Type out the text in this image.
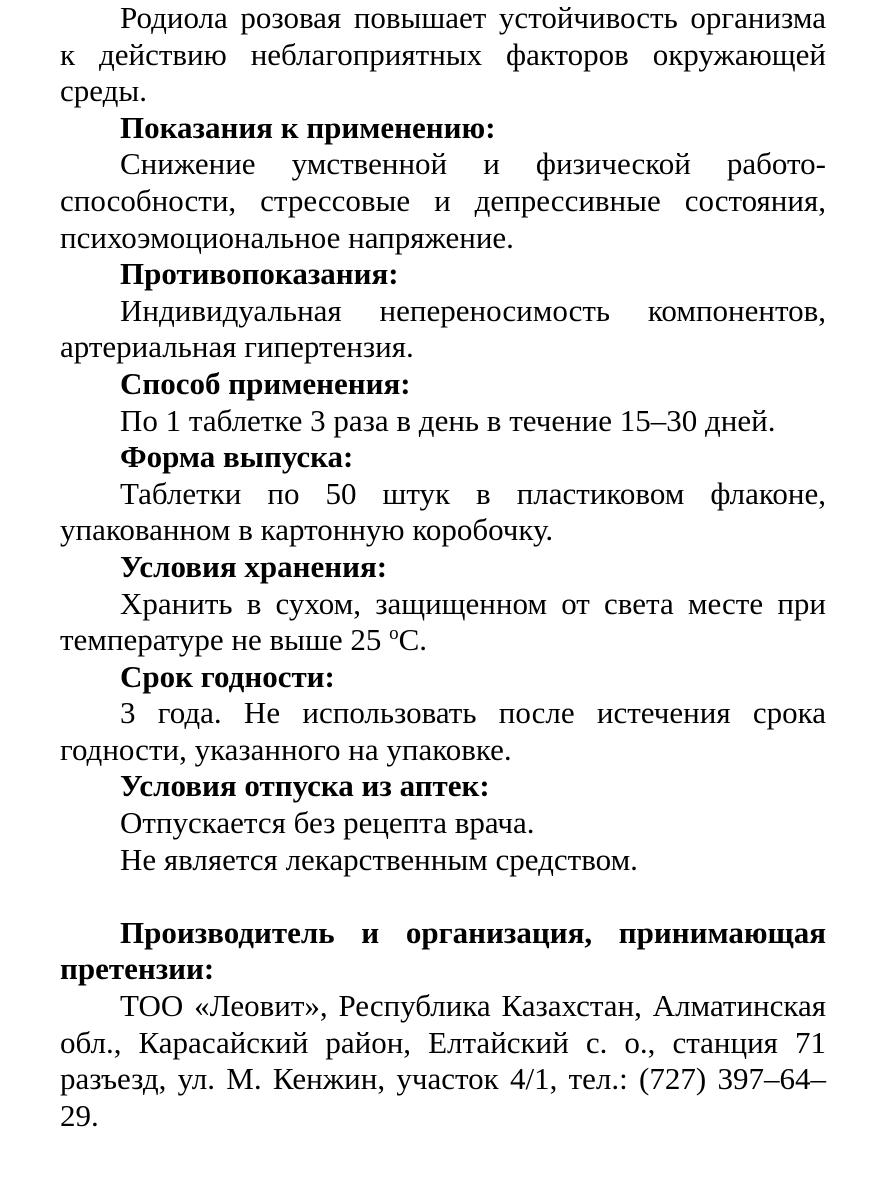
Родиола розовая повышает устойчивость организма к действию неблагоприятных факторов окружающей среды.

Показания к применению:

Снижение умственной и физической работоспособности, стрессовые и депрессивные состояния, психоэмоциональное напряжение.

Противопоказания:

Индивидуальная непереносимость компонентов, артериальная гипертензия.

Способ применения:

По 1 таблетке 3 раза в день в течение 15–30 дней.

Форма выпуска:

Таблетки по 50 штук в пластиковом флаконе, упакованном в картонную коробочку.

Условия хранения:

Хранить в сухом, защищенном от света месте при температуре не выше 25 $^o$С.

Срок годности:

3 года. Не использовать после истечения срока годности, указанного на упаковке.

Условия отпуска из аптек:

Отпускается без рецепта врача.

Не является лекарственным средством.

Производитель и организация, принимающая претензии:

ТОО «Леовит», Республика Казахстан, Алматинская обл., Карасайский район, Елтайский с. о., станция 71 разъезд, ул. М. Кенжин, участок 4/1, тел.: (727) 397–64–29.
